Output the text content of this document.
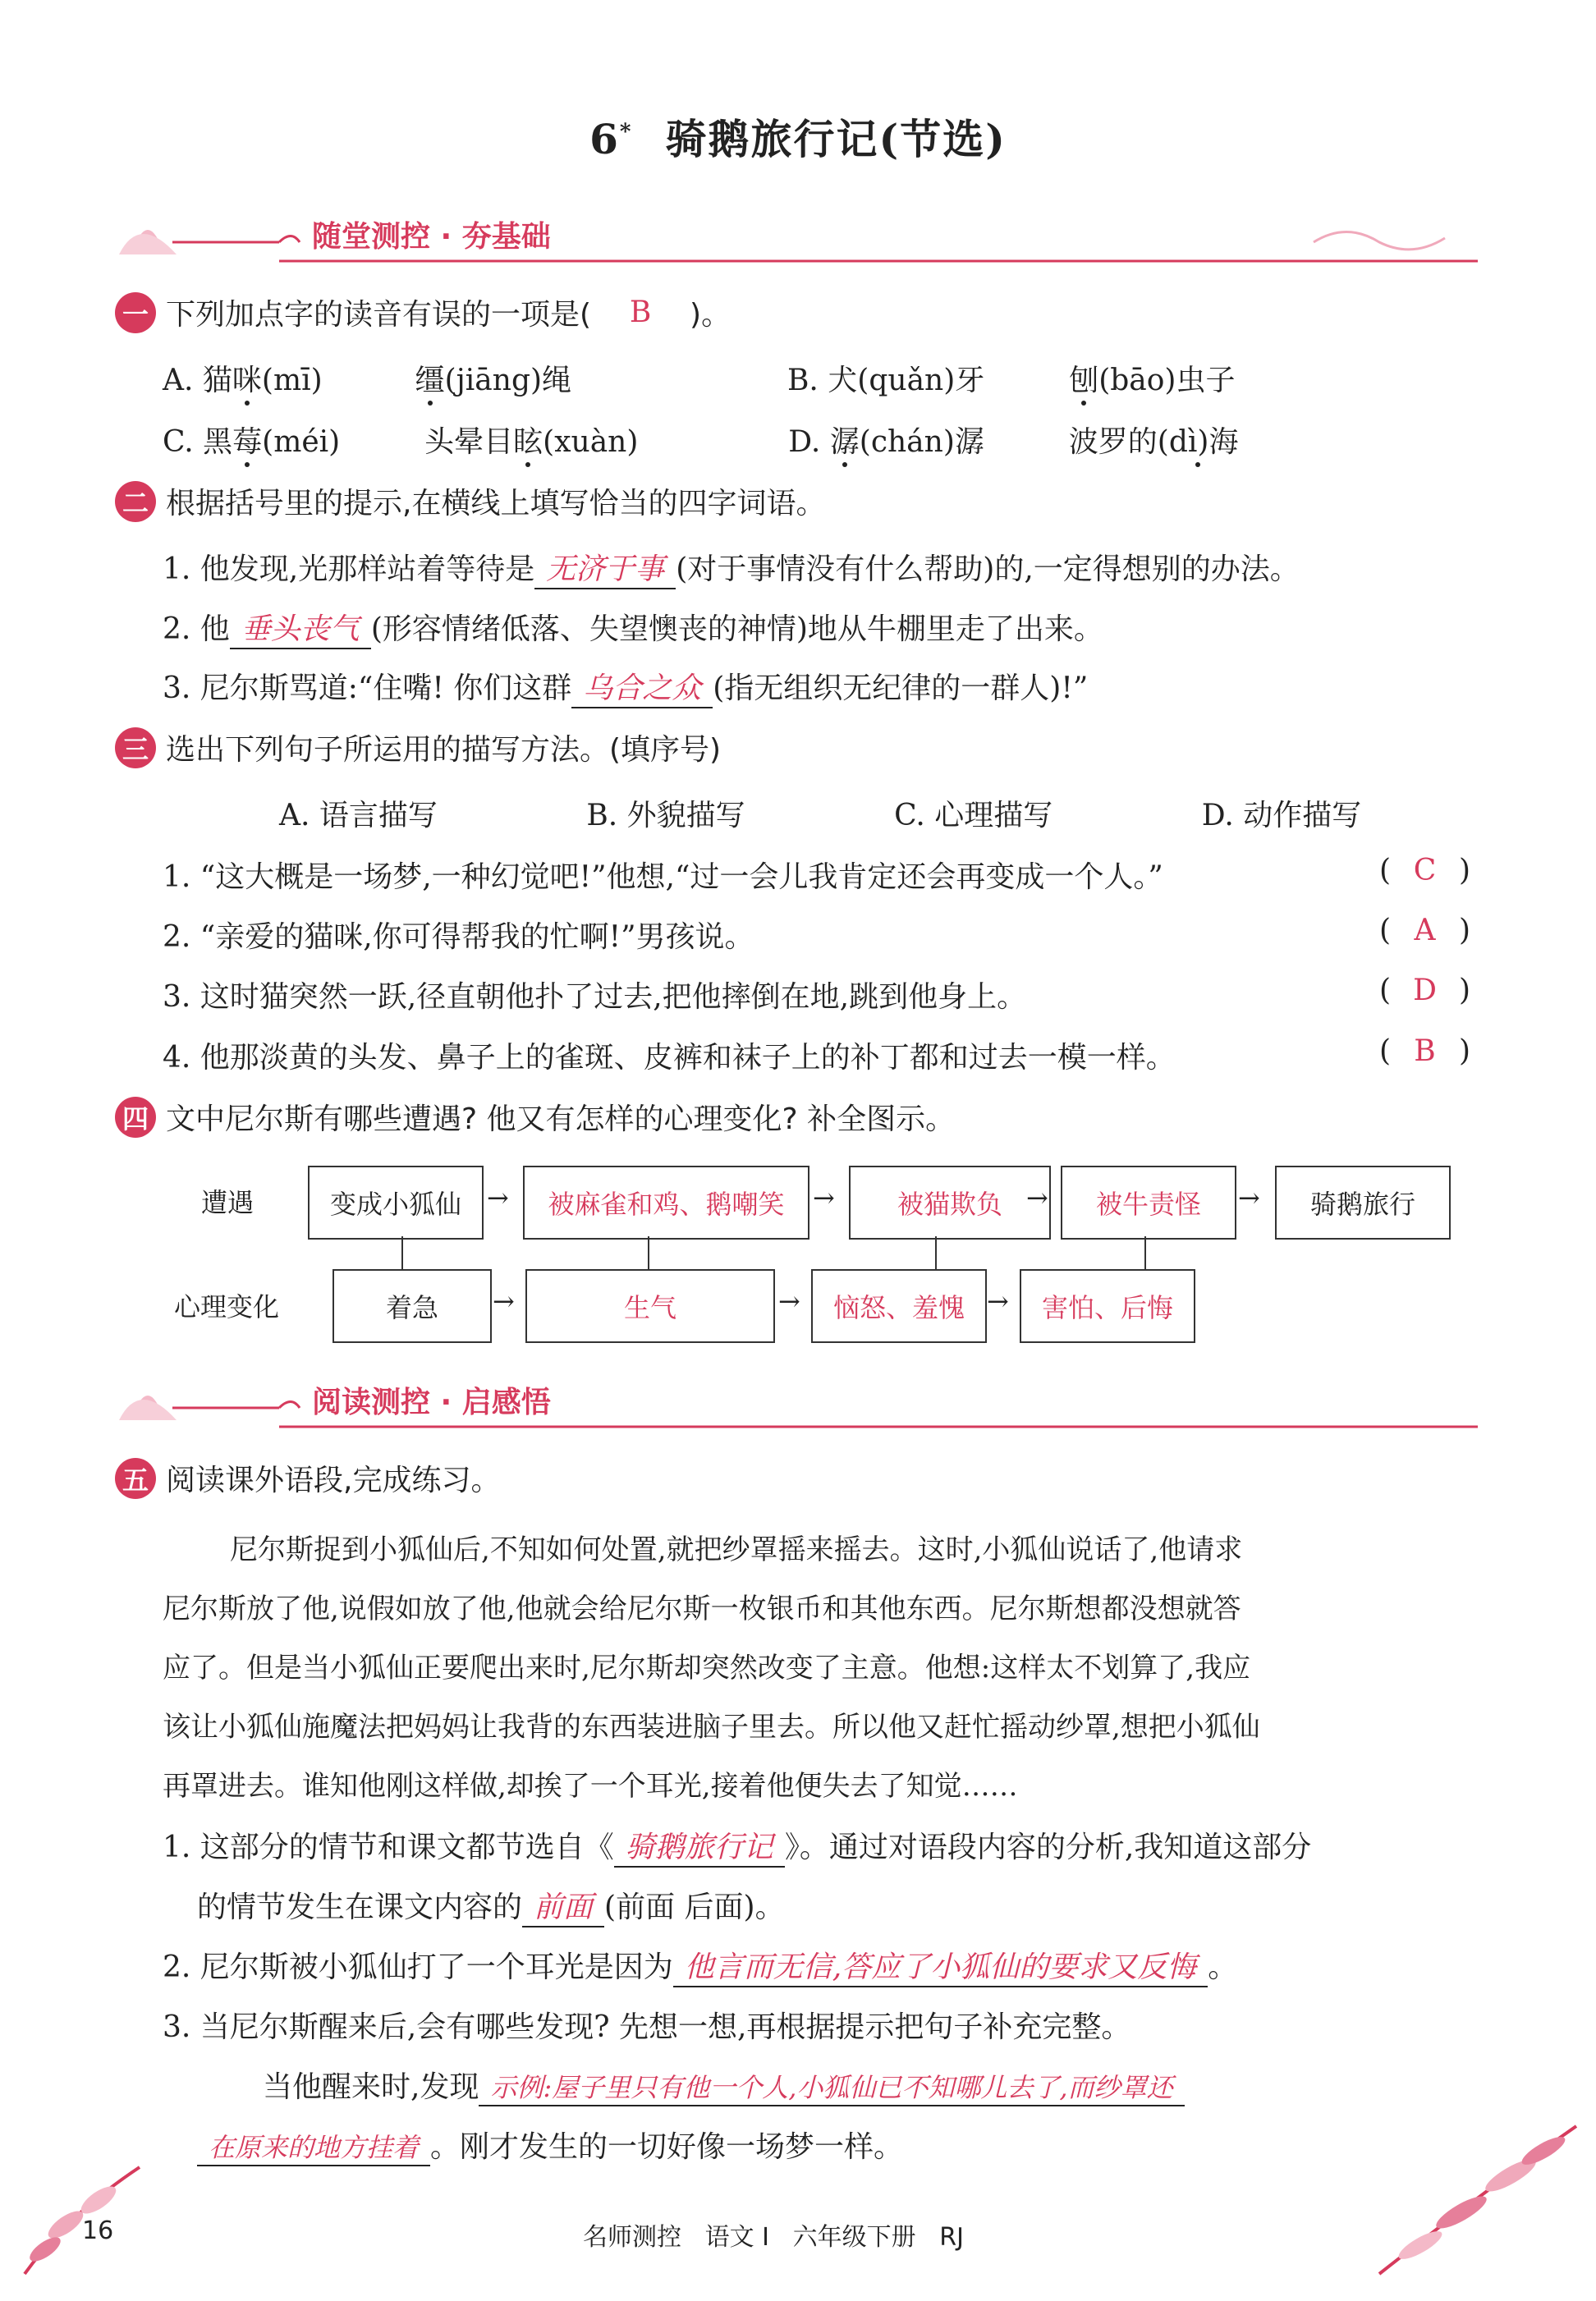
6* 骑鹅旅行记(节选)
随堂测控 · 夯基础
一 下列加点字的读音有误的一项是(	B	)。
A. 猫咪(mī)	缰(jiāng)绳	B. 犬(quǎn)牙	刨(bāo)虫子
C. 黑莓(méi)	头晕目眩(xuàn)	D. 潺(chán)潺	波罗的(dì)海
二 根据括号里的提示,在横线上填写恰当的四字词语。
1. 他发现,光那样站着等待是 无济于事 (对于事情没有什么帮助)的,一定得想别的办法。
2. 他 垂头丧气 (形容情绪低落、失望懊丧的神情)地从牛棚里走了出来。
3. 尼尔斯骂道:“住嘴! 你们这群 乌合之众 (指无组织无纪律的一群人)!”
三 选出下列句子所运用的描写方法。(填序号)
A. 语言描写	B. 外貌描写	C. 心理描写	D. 动作描写
1. “这大概是一场梦,一种幻觉吧!”他想,“过一会儿我肯定还会再变成一个人。”	( C )
2. “亲爱的猫咪,你可得帮我的忙啊!”男孩说。	( A )
3. 这时猫突然一跃,径直朝他扑了过去,把他摔倒在地,跳到他身上。	( D )
4. 他那淡黄的头发、鼻子上的雀斑、皮裤和袜子上的补丁都和过去一模一样。	( B )
四 文中尼尔斯有哪些遭遇? 他又有怎样的心理变化? 补全图示。
遭遇
心理变化
变成小狐仙 →	被麻雀和鸡、鹅嘲笑	→	被猫欺负 →	被牛责怪	→	骑鹅旅行
着急	→	生气	→	恼怒、羞愧 →	害怕、后悔
阅读测控 · 启感悟
五 阅读课外语段,完成练习。
尼尔斯捉到小狐仙后,不知如何处置,就把纱罩摇来摇去。这时,小狐仙说话了,他请求
尼尔斯放了他,说假如放了他,他就会给尼尔斯一枚银币和其他东西。尼尔斯想都没想就答
应了。但是当小狐仙正要爬出来时,尼尔斯却突然改变了主意。他想:这样太不划算了,我应
该让小狐仙施魔法把妈妈让我背的东西装进脑子里去。所以他又赶忙摇动纱罩,想把小狐仙
再罩进去。谁知他刚这样做,却挨了一个耳光,接着他便失去了知觉……
1. 这部分的情节和课文都节选自《 骑鹅旅行记 》。通过对语段内容的分析,我知道这部分
的情节发生在课文内容的 前面 (前面 后面)。
2. 尼尔斯被小狐仙打了一个耳光是因为 他言而无信,答应了小狐仙的要求又反悔 。
3. 当尼尔斯醒来后,会有哪些发现? 先想一想,再根据提示把句子补充完整。
当他醒来时,发现 示例:屋子里只有他一个人,小狐仙已不知哪儿去了,而纱罩还
在原来的地方挂着 。刚才发生的一切好像一场梦一样。
16	名师测控 语文 I 六年级下册 RJ
